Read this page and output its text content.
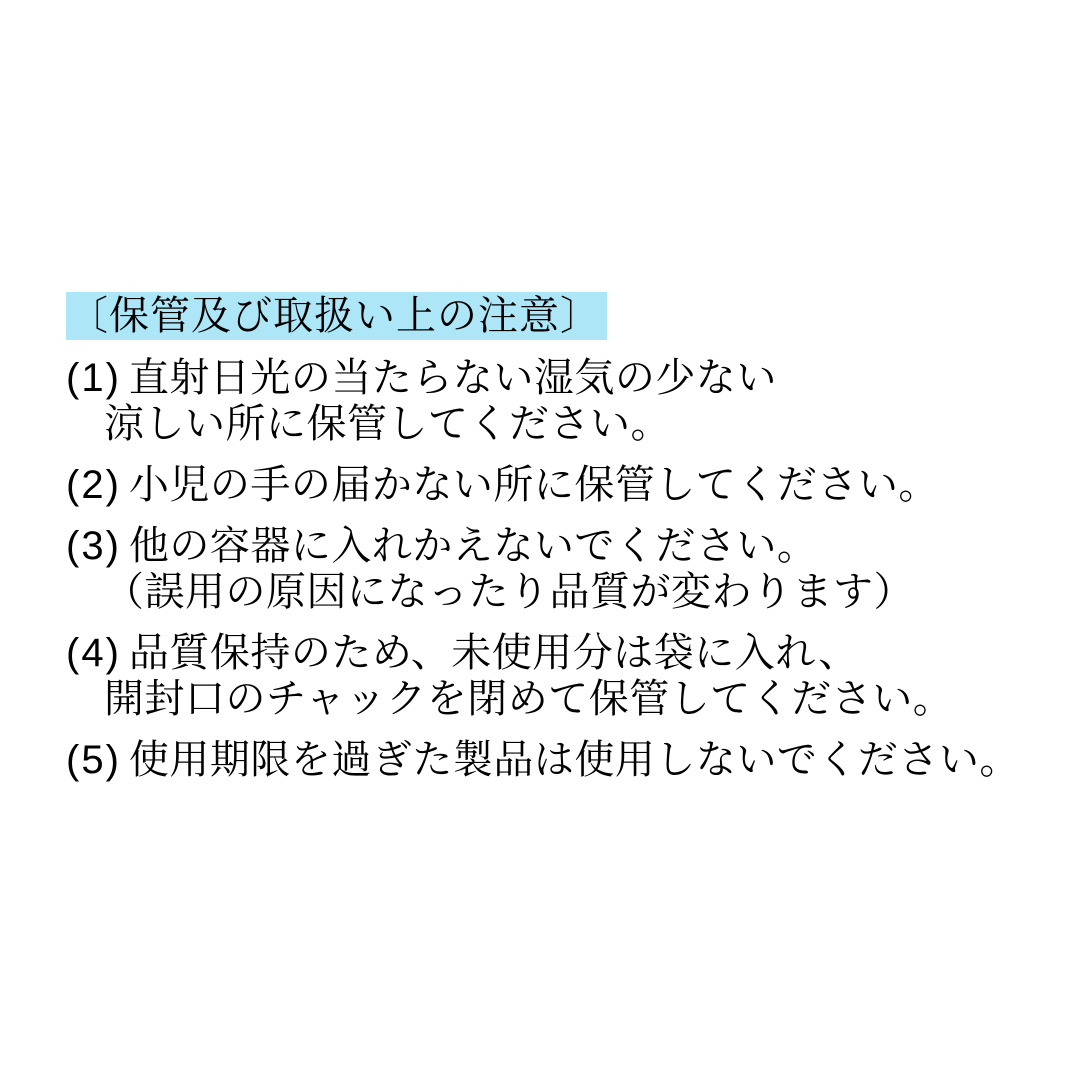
〔保管及び取扱い上の注意〕
(1) 直射日光の当たらない湿気の少ない
涼しい所に保管してください。
(2) 小児の手の届かない所に保管してください。
(3) 他の容器に入れかえないでください。
（誤用の原因になったり品質が変わります）
(4) 品質保持のため、未使用分は袋に入れ、
開封口のチャックを閉めて保管してください。
(5) 使用期限を過ぎた製品は使用しないでください。
